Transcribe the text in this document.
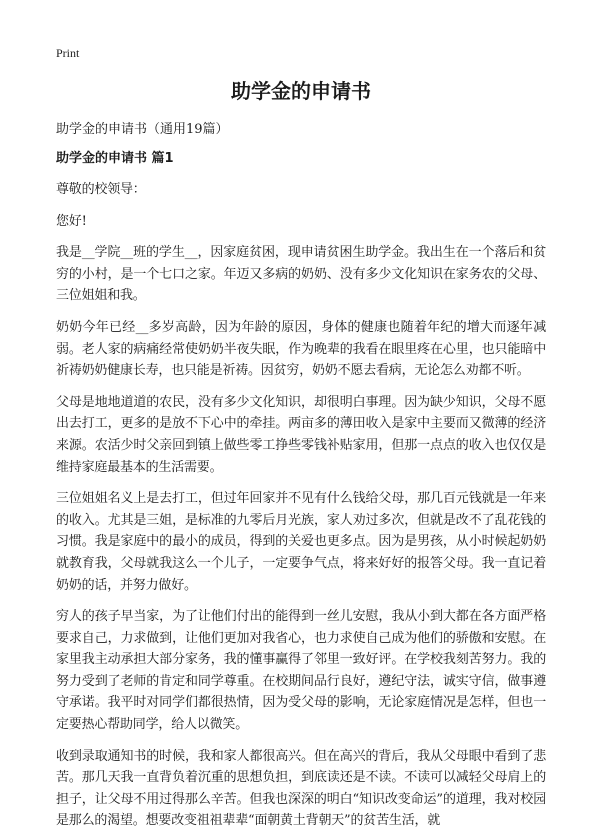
Print
助学金的申请书
助学金的申请书（通用19篇）
助学金的申请书 篇1

尊敬的校领导：

您好!

我是__学院__班的学生__，因家庭贫困，现申请贫困生助学金。我出生在一个落后和贫穷的小村，是一个七口之家。年迈又多病的奶奶、没有多少文化知识在家务农的父母、三位姐姐和我。

奶奶今年已经__多岁高龄，因为年龄的原因，身体的健康也随着年纪的增大而逐年减弱。老人家的病痛经常使奶奶半夜失眠，作为晚辈的我看在眼里疼在心里，也只能暗中祈祷奶奶健康长寿，也只能是祈祷。因贫穷，奶奶不愿去看病，无论怎么劝都不听。

父母是地地道道的农民，没有多少文化知识，却很明白事理。因为缺少知识，父母不愿出去打工，更多的是放不下心中的牵挂。两亩多的薄田收入是家中主要而又微薄的经济来源。农活少时父亲回到镇上做些零工挣些零钱补贴家用，但那一点点的收入也仅仅是维持家庭最基本的生活需要。

三位姐姐名义上是去打工，但过年回家并不见有什么钱给父母，那几百元钱就是一年来的收入。尤其是三姐，是标准的九零后月光族，家人劝过多次，但就是改不了乱花钱的习惯。我是家庭中的最小的成员，得到的关爱也更多点。因为是男孩，从小时候起奶奶就教育我，父母就我这么一个儿子，一定要争气点，将来好好的报答父母。我一直记着奶奶的话，并努力做好。

穷人的孩子早当家，为了让他们付出的能得到一丝儿安慰，我从小到大都在各方面严格要求自己，力求做到，让他们更加对我省心，也力求使自己成为他们的骄傲和安慰。在家里我主动承担大部分家务，我的懂事赢得了邻里一致好评。在学校我刻苦努力。我的努力受到了老师的肯定和同学尊重。在校期间品行良好，遵纪守法，诚实守信，做事遵守承诺。我平时对同学们都很热情，因为受父母的影响，无论家庭情况是怎样，但也一定要热心帮助同学，给人以微笑。

收到录取通知书的时候，我和家人都很高兴。但在高兴的背后，我从父母眼中看到了悲苦。那几天我一直背负着沉重的思想负担，到底读还是不读。不读可以减轻父母肩上的担子，让父母不用过得那么辛苦。但我也深深的明白“知识改变命运”的道理，我对校园是那么的渴望。想要改变祖祖辈辈“面朝黄土背朝天”的贫苦生活，就
